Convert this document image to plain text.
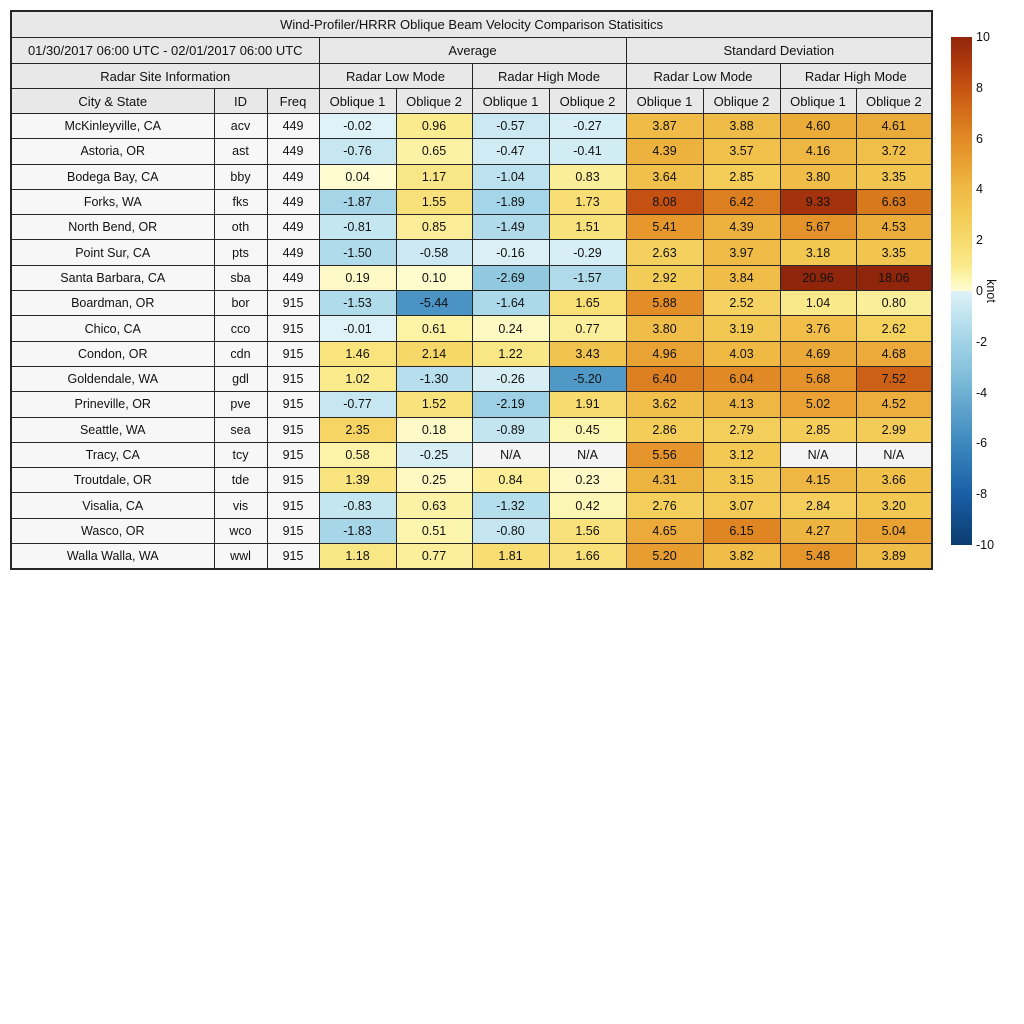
Wind-Profiler/HRRR Oblique Beam Velocity Comparison Statisitics										
01/30/2017 06:00 UTC - 02/01/2017 06:00 UTC			Average				Standard Deviation			
Radar Site Information			Radar Low Mode		Radar High Mode		Radar Low Mode		Radar High Mode	
City & State	ID	Freq	Oblique 1	Oblique 2	Oblique 1	Oblique 2	Oblique 1	Oblique 2	Oblique 1	Oblique 2
McKinleyville, CA	acv	449	-0.02	0.96	-0.57	-0.27	3.87	3.88	4.60	4.61
Astoria, OR	ast	449	-0.76	0.65	-0.47	-0.41	4.39	3.57	4.16	3.72
Bodega Bay, CA	bby	449	0.04	1.17	-1.04	0.83	3.64	2.85	3.80	3.35
Forks, WA	fks	449	-1.87	1.55	-1.89	1.73	8.08	6.42	9.33	6.63
North Bend, OR	oth	449	-0.81	0.85	-1.49	1.51	5.41	4.39	5.67	4.53
Point Sur, CA	pts	449	-1.50	-0.58	-0.16	-0.29	2.63	3.97	3.18	3.35
Santa Barbara, CA	sba	449	0.19	0.10	-2.69	-1.57	2.92	3.84	20.96	18.06
Boardman, OR	bor	915	-1.53	-5.44	-1.64	1.65	5.88	2.52	1.04	0.80
Chico, CA	cco	915	-0.01	0.61	0.24	0.77	3.80	3.19	3.76	2.62
Condon, OR	cdn	915	1.46	2.14	1.22	3.43	4.96	4.03	4.69	4.68
Goldendale, WA	gdl	915	1.02	-1.30	-0.26	-5.20	6.40	6.04	5.68	7.52
Prineville, OR	pve	915	-0.77	1.52	-2.19	1.91	3.62	4.13	5.02	4.52
Seattle, WA	sea	915	2.35	0.18	-0.89	0.45	2.86	2.79	2.85	2.99
Tracy, CA	tcy	915	0.58	-0.25	N/A	N/A	5.56	3.12	N/A	N/A
Troutdale, OR	tde	915	1.39	0.25	0.84	0.23	4.31	3.15	4.15	3.66
Visalia, CA	vis	915	-0.83	0.63	-1.32	0.42	2.76	3.07	2.84	3.20
Wasco, OR	wco	915	-1.83	0.51	-0.80	1.56	4.65	6.15	4.27	5.04
Walla Walla, WA	wwl	915	1.18	0.77	1.81	1.66	5.20	3.82	5.48	3.89
10
8
6
4
2
0
-2
-4
-6
-8
-10
knot
